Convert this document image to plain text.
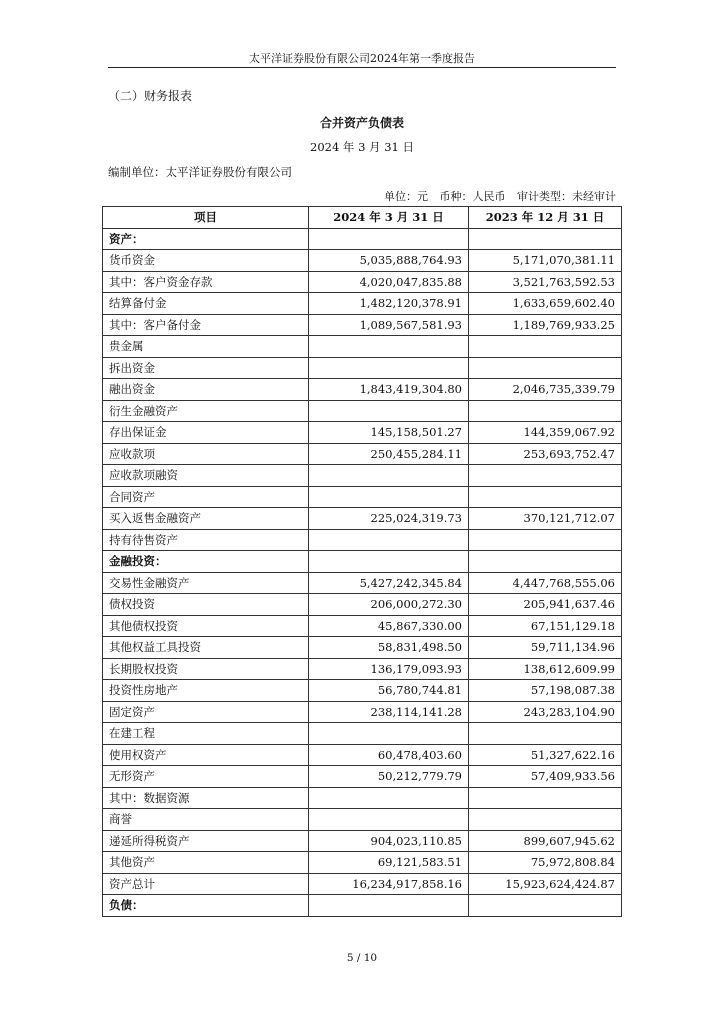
太平洋证券股份有限公司2024年第一季度报告
（二）财务报表
合并资产负债表
2024 年 3 月 31 日
编制单位：太平洋证券股份有限公司
单位：元 币种：人民币 审计类型：未经审计
项目	2024 年 3 月 31 日	2023 年 12 月 31 日
资产：		
货币资金	5,035,888,764.93	5,171,070,381.11
其中：客户资金存款	4,020,047,835.88	3,521,763,592.53
结算备付金	1,482,120,378.91	1,633,659,602.40
其中：客户备付金	1,089,567,581.93	1,189,769,933.25
贵金属		
拆出资金		
融出资金	1,843,419,304.80	2,046,735,339.79
衍生金融资产		
存出保证金	145,158,501.27	144,359,067.92
应收款项	250,455,284.11	253,693,752.47
应收款项融资		
合同资产		
买入返售金融资产	225,024,319.73	370,121,712.07
持有待售资产		
金融投资：		
交易性金融资产	5,427,242,345.84	4,447,768,555.06
债权投资	206,000,272.30	205,941,637.46
其他债权投资	45,867,330.00	67,151,129.18
其他权益工具投资	58,831,498.50	59,711,134.96
长期股权投资	136,179,093.93	138,612,609.99
投资性房地产	56,780,744.81	57,198,087.38
固定资产	238,114,141.28	243,283,104.90
在建工程		
使用权资产	60,478,403.60	51,327,622.16
无形资产	50,212,779.79	57,409,933.56
其中：数据资源		
商誉		
递延所得税资产	904,023,110.85	899,607,945.62
其他资产	69,121,583.51	75,972,808.84
资产总计	16,234,917,858.16	15,923,624,424.87
负债：		
5 / 10
